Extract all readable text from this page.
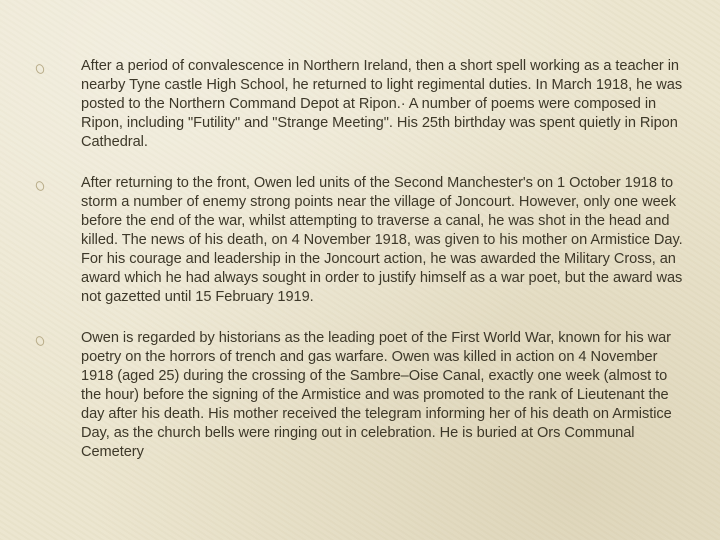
After a period of convalescence in Northern Ireland, then a short spell working as a teacher in nearby Tyne castle High School, he returned to light regimental duties. In March 1918, he was posted to the Northern Command Depot at Ripon.· A number of poems were composed in Ripon, including "Futility" and "Strange Meeting". His 25th birthday was spent quietly in Ripon Cathedral.

After returning to the front, Owen led units of the Second Manchester's on 1 October 1918 to storm a number of enemy strong points near the village of Joncourt. However, only one week before the end of the war, whilst attempting to traverse a canal, he was shot in the head and killed. The news of his death, on 4 November 1918, was given to his mother on Armistice Day. For his courage and leadership in the Joncourt action, he was awarded the Military Cross, an award which he had always sought in order to justify himself as a war poet, but the award was not gazetted until 15 February 1919.

Owen is regarded by historians as the leading poet of the First World War, known for his war poetry on the horrors of trench and gas warfare. Owen was killed in action on 4 November 1918 (aged 25) during the crossing of the Sambre–Oise Canal, exactly one week (almost to the hour) before the signing of the Armistice and was promoted to the rank of Lieutenant the day after his death. His mother received the telegram informing her of his death on Armistice Day, as the church bells were ringing out in celebration. He is buried at Ors Communal Cemetery
